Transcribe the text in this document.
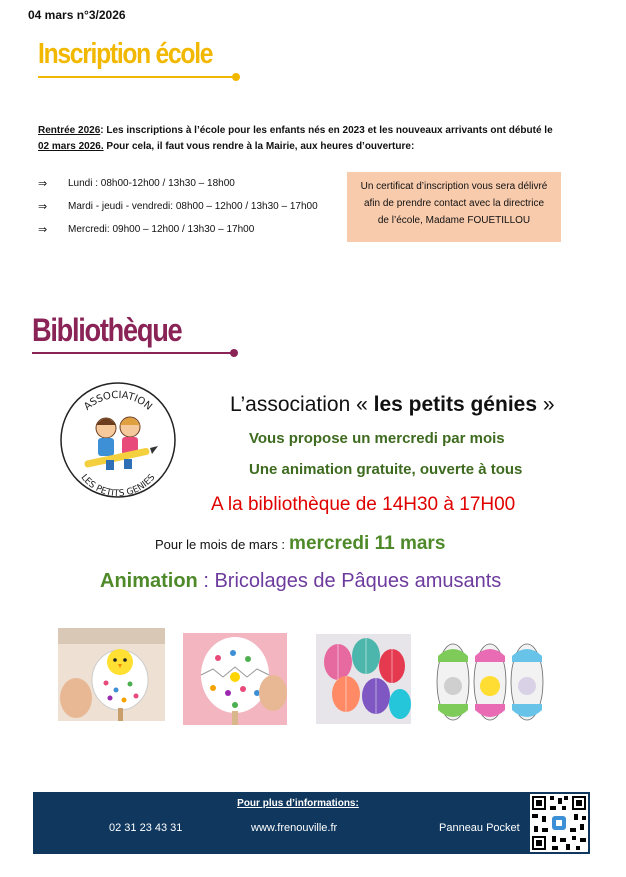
04 mars n°3/2026
Inscription école
Rentrée 2026: Les inscriptions à l’école pour les enfants nés en 2023 et les nouveaux arrivants ont débuté le
02 mars 2026. Pour cela, il faut vous rendre à la Mairie, aux heures d’ouverture:
⇒	Lundi : 08h00-12h00 / 13h30 – 18h00
⇒	Mardi - jeudi - vendredi: 08h00 – 12h00 / 13h30 – 17h00
⇒	Mercredi: 09h00 – 12h00 / 13h30 – 17h00
Un certificat d’inscription vous sera délivré
afin de prendre contact avec la directrice
de l’école, Madame FOUETILLOU
Bibliothèque
ASSOCIATION
LES PETITS GENIES
L’association « les petits génies »
Vous propose un mercredi par mois
Une animation gratuite, ouverte à tous
A la bibliothèque de 14H30 à 17H00
Pour le mois de mars : mercredi 11 mars
Animation : Bricolages de Pâques amusants
Pour plus d’informations:
02 31 23 43 31	www.frenouville.fr	Panneau Pocket
